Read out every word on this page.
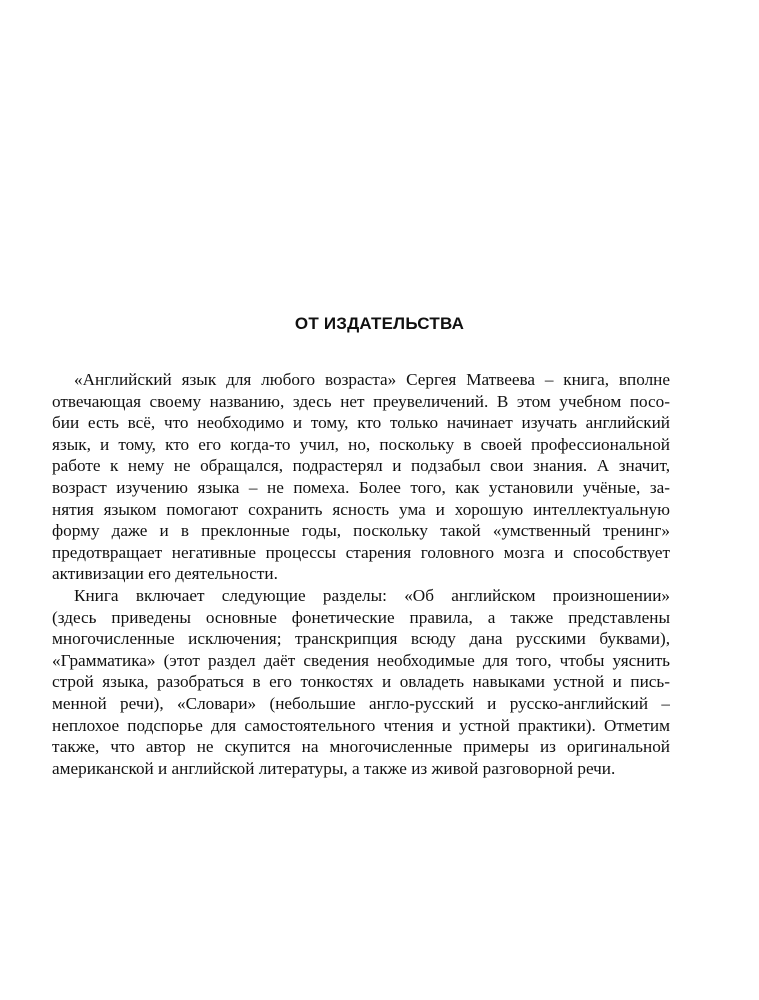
ОТ ИЗДАТЕЛЬСТВА
«Английский язык для любого возраста» Сергея Матвеева – книга, вполне
отвечающая своему названию, здесь нет преувеличений. В этом учебном посо-
бии есть всё, что необходимо и тому, кто только начинает изучать английский
язык, и тому, кто его когда-то учил, но, поскольку в своей профессиональной
работе к нему не обращался, подрастерял и подзабыл свои знания. А значит,
возраст изучению языка – не помеха. Более того, как установили учёные, за-
нятия языком помогают сохранить ясность ума и хорошую интеллектуальную
форму даже и в преклонные годы, поскольку такой «умственный тренинг»
предотвращает негативные процессы старения головного мозга и способствует
активизации его деятельности.
Книга включает следующие разделы: «Об английском произношении»
(здесь приведены основные фонетические правила, а также представлены
многочисленные исключения; транскрипция всюду дана русскими буквами),
«Грамматика» (этот раздел даёт сведения необходимые для того, чтобы уяснить
строй языка, разобраться в его тонкостях и овладеть навыками устной и пись-
менной речи), «Словари» (небольшие англо-русский и русско-английский –
неплохое подспорье для самостоятельного чтения и устной практики). Отметим
также, что автор не скупится на многочисленные примеры из оригинальной
американской и английской литературы, а также из живой разговорной речи.
